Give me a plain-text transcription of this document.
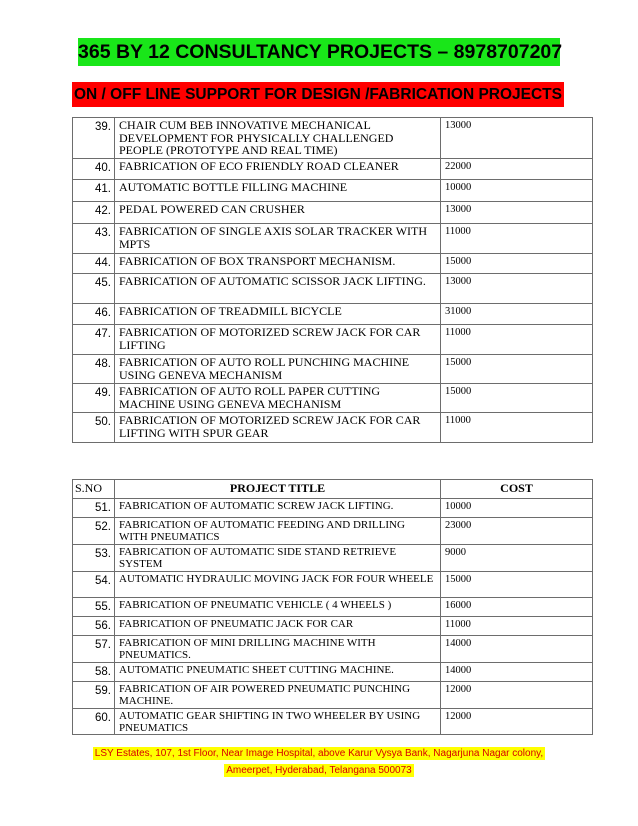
365 BY 12 CONSULTANCY PROJECTS – 8978707207
ON / OFF LINE SUPPORT FOR DESIGN /FABRICATION PROJECTS
39.	CHAIR CUM BEB INNOVATIVE MECHANICAL DEVELOPMENT FOR PHYSICALLY CHALLENGED PEOPLE (PROTOTYPE AND REAL TIME)	13000
40.	FABRICATION OF ECO FRIENDLY ROAD CLEANER	22000
41.	AUTOMATIC BOTTLE FILLING MACHINE	10000
42.	PEDAL POWERED CAN CRUSHER	13000
43.	FABRICATION OF SINGLE AXIS SOLAR TRACKER WITH MPTS	11000
44.	FABRICATION OF BOX TRANSPORT MECHANISM.	15000
45.	FABRICATION OF AUTOMATIC SCISSOR JACK LIFTING.	13000
46.	FABRICATION OF TREADMILL BICYCLE	31000
47.	FABRICATION OF MOTORIZED SCREW JACK FOR CAR LIFTING	11000
48.	FABRICATION OF AUTO ROLL PUNCHING MACHINE USING GENEVA MECHANISM	15000
49.	FABRICATION OF AUTO ROLL PAPER CUTTING MACHINE USING GENEVA MECHANISM	15000
50.	FABRICATION OF MOTORIZED SCREW JACK FOR CAR LIFTING WITH SPUR GEAR	11000
S.NO	PROJECT TITLE	COST
51.	FABRICATION OF AUTOMATIC SCREW JACK LIFTING.	10000
52.	FABRICATION OF AUTOMATIC FEEDING AND DRILLING WITH PNEUMATICS	23000
53.	FABRICATION OF AUTOMATIC SIDE STAND RETRIEVE SYSTEM	9000
54.	AUTOMATIC HYDRAULIC MOVING JACK FOR FOUR WHEELE	15000
55.	FABRICATION OF PNEUMATIC VEHICLE ( 4 WHEELS )	16000
56.	FABRICATION OF PNEUMATIC JACK FOR CAR	11000
57.	FABRICATION OF MINI DRILLING MACHINE WITH PNEUMATICS.	14000
58.	AUTOMATIC PNEUMATIC SHEET CUTTING MACHINE.	14000
59.	FABRICATION OF AIR POWERED PNEUMATIC PUNCHING MACHINE.	12000
60.	AUTOMATIC GEAR SHIFTING IN TWO WHEELER BY USING PNEUMATICS	12000
LSY Estates, 107, 1st Floor, Near Image Hospital, above Karur Vysya Bank, Nagarjuna Nagar colony,
Ameerpet, Hyderabad, Telangana 500073
